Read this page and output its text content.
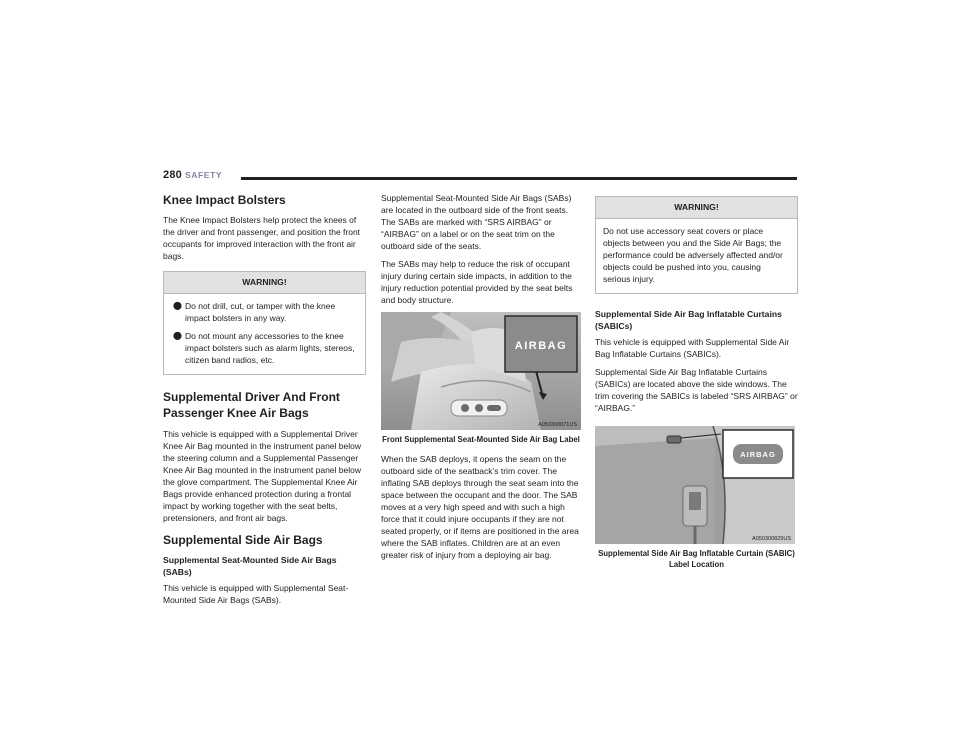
280 SAFETY
Knee Impact Bolsters

The Knee Impact Bolsters help protect the knees of the driver and front passenger, and position the front occupants for improved interaction with the front air bags.

WARNING!
⬤ Do not drill, cut, or tamper with the knee impact bolsters in any way.
⬤ Do not mount any accessories to the knee impact bolsters such as alarm lights, stereos, citizen band radios, etc.
Supplemental Driver And Front Passenger Knee Air Bags

This vehicle is equipped with a Supplemental Driver Knee Air Bag mounted in the instrument panel below the steering column and a Supplemental Passenger Knee Air Bag mounted in the instrument panel below the glove compartment. The Supplemental Knee Air Bags provide enhanced protection during a frontal impact by working together with the seat belts, pretensioners, and front air bags.

Supplemental Side Air Bags
Supplemental Seat-Mounted Side Air Bags (SABs)

This vehicle is equipped with Supplemental Seat-Mounted Side Air Bags (SABs).

Supplemental Seat-Mounted Side Air Bags (SABs) are located in the outboard side of the front seats. The SABs are marked with “SRS AIRBAG” or “AIRBAG” on a label or on the seat trim on the outboard side of the seats.

The SABs may help to reduce the risk of occupant injury during certain side impacts, in addition to the injury reduction potential provided by the seat belts and body structure.

AIRBAG
A050300871US
Front Supplemental Seat-Mounted Side Air Bag Label

When the SAB deploys, it opens the seam on the outboard side of the seatback’s trim cover. The inflating SAB deploys through the seat seam into the space between the occupant and the door. The SAB moves at a very high speed and with such a high force that it could injure occupants if they are not seated properly, or if items are positioned in the area where the SAB inflates. Children are at an even greater risk of injury from a deploying air bag.

WARNING!

Do not use accessory seat covers or place objects between you and the Side Air Bags; the performance could be adversely affected and/or objects could be pushed into you, causing serious injury.

Supplemental Side Air Bag Inflatable Curtains (SABICs)

This vehicle is equipped with Supplemental Side Air Bag Inflatable Curtains (SABICs).

Supplemental Side Air Bag Inflatable Curtains (SABICs) are located above the side windows. The trim covering the SABICs is labeled “SRS AIRBAG” or “AIRBAG.”

AIRBAG
A050300829US
Supplemental Side Air Bag Inflatable Curtain (SABIC) Label Location
